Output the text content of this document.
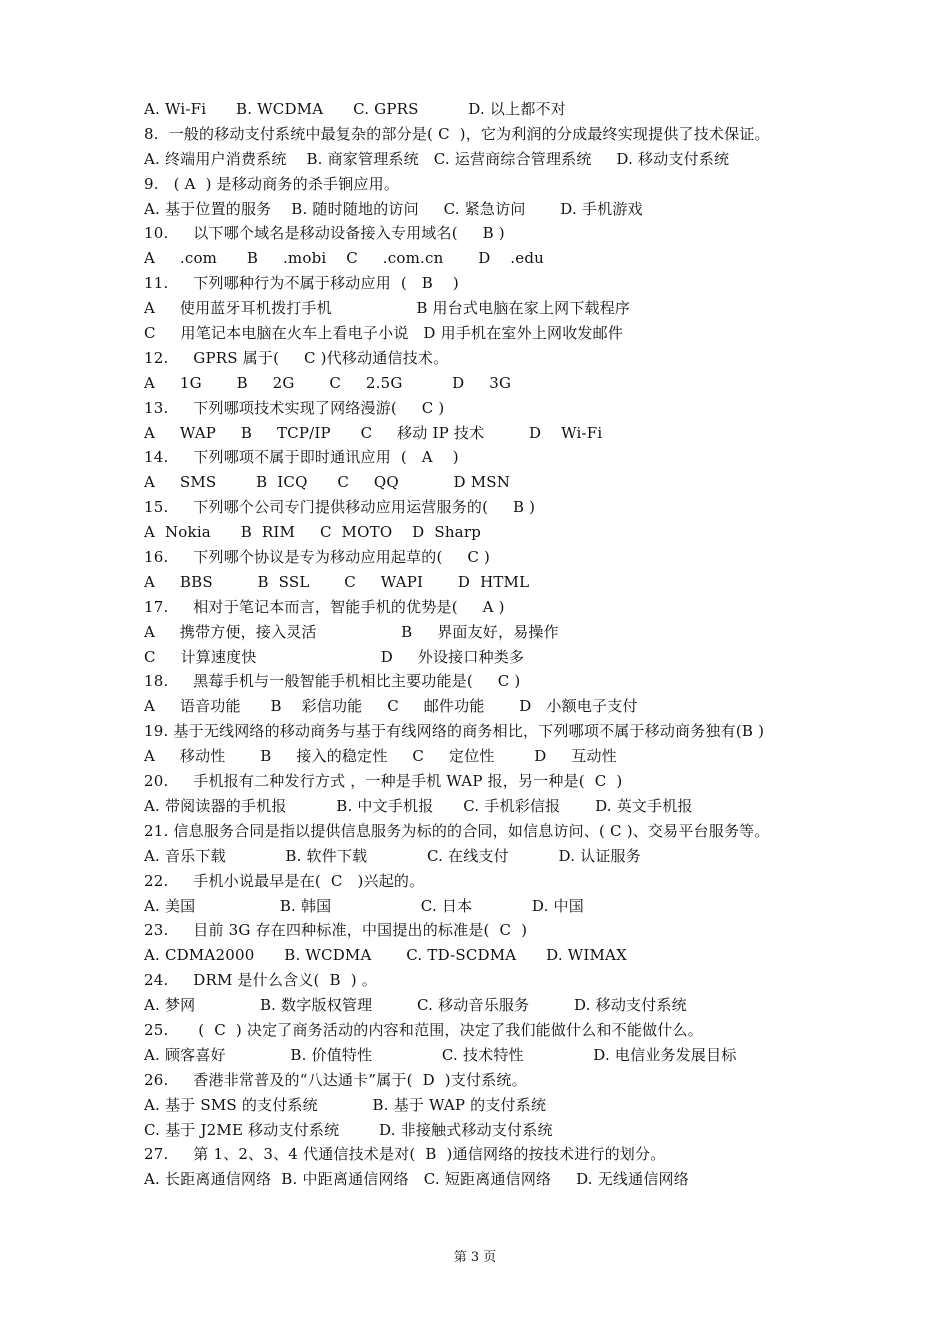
A. Wi-Fi      B. WCDMA      C. GPRS          D. 以上都不对
8.  一般的移动支付系统中最复杂的部分是( C  )，它为利润的分成最终实现提供了技术保证。
A. 终端用户消费系统    B. 商家管理系统   C. 运营商综合管理系统     D. 移动支付系统
9.   ( A  ) 是移动商务的杀手锏应用。
A. 基于位置的服务    B. 随时随地的访问     C. 紧急访问       D. 手机游戏
10.     以下哪个域名是移动设备接入专用域名(     B )
A     .com      B     .mobi    C     .com.cn       D    .edu
11.     下列哪种行为不属于移动应用  (   B    )
A     使用蓝牙耳机拨打手机                 B 用台式电脑在家上网下载程序
C     用笔记本电脑在火车上看电子小说   D 用手机在室外上网收发邮件
12.     GPRS 属于(     C )代移动通信技术。
A     1G       B     2G       C     2.5G          D     3G
13.     下列哪项技术实现了网络漫游(     C )
A     WAP     B     TCP/IP      C     移动 IP 技术         D    Wi-Fi
14.     下列哪项不属于即时通讯应用  (   A    )
A     SMS        B  ICQ      C     QQ           D MSN
15.     下列哪个公司专门提供移动应用运营服务的(     B )
A  Nokia      B  RIM     C  MOTO    D  Sharp
16.     下列哪个协议是专为移动应用起草的(     C )
A     BBS         B  SSL       C     WAPI       D  HTML
17.     相对于笔记本而言，智能手机的优势是(     A )
A     携带方便，接入灵活                 B     界面友好，易操作
C     计算速度快                         D     外设接口种类多
18.     黑莓手机与一般智能手机相比主要功能是(     C )
A     语音功能      B    彩信功能     C     邮件功能       D   小额电子支付
19. 基于无线网络的移动商务与基于有线网络的商务相比，下列哪项不属于移动商务独有(B )
A     移动性       B     接入的稳定性     C     定位性        D     互动性
20.     手机报有二种发行方式 ，一种是手机 WAP 报，另一种是(  C  )
A. 带阅读器的手机报          B. 中文手机报      C. 手机彩信报       D. 英文手机报
21. 信息服务合同是指以提供信息服务为标的的合同，如信息访问、( C )、交易平台服务等。
A. 音乐下载            B. 软件下载            C. 在线支付          D. 认证服务
22.     手机小说最早是在(  C   )兴起的。
A. 美国                 B. 韩国                  C. 日本            D. 中国
23.     目前 3G 存在四种标准，中国提出的标准是(  C  )
A. CDMA2000      B. WCDMA       C. TD-SCDMA      D. WIMAX
24.     DRM 是什么含义(  B  ) 。
A. 梦网             B. 数字版权管理         C. 移动音乐服务         D. 移动支付系统
25.      (  C  ) 决定了商务活动的内容和范围，决定了我们能做什么和不能做什么。
A. 顾客喜好             B. 价值特性              C. 技术特性              D. 电信业务发展目标
26.     香港非常普及的“八达通卡”属于(  D  )支付系统。
A. 基于 SMS 的支付系统           B. 基于 WAP 的支付系统
C. 基于 J2ME 移动支付系统        D. 非接触式移动支付系统
27.     第 1、2、3、4 代通信技术是对(  B  )通信网络的按技术进行的划分。
A. 长距离通信网络  B. 中距离通信网络   C. 短距离通信网络     D. 无线通信网络
第 3 页
